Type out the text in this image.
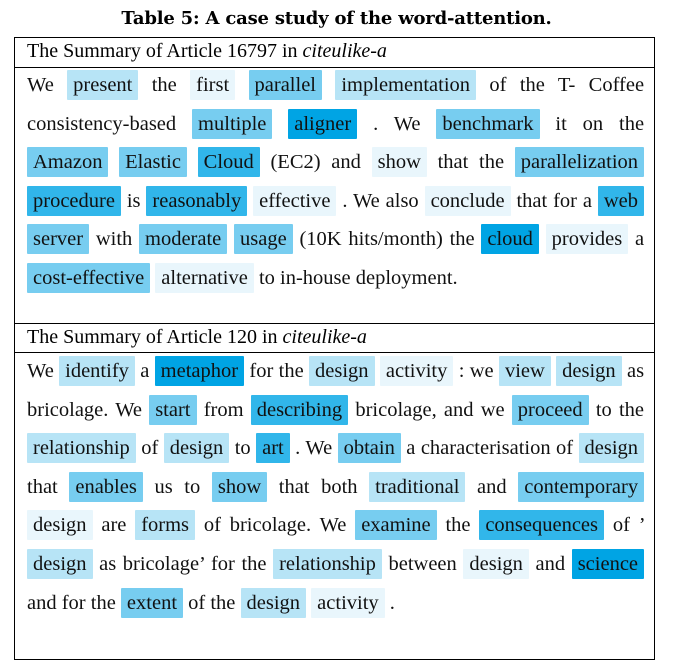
Table 5: A case study of the word-attention.
The Summary of Article 16797 in citeulike-a
We present the first parallel implementation of the T- Coffee consistency-based multiple aligner . We benchmark it on the Amazon Elastic Cloud (EC2) and show that the parallelization procedure is reasonably effective . We also conclude that for a web server with moderate usage (10K hits/month) the cloud provides a cost-effective alternative to in-house deployment.
The Summary of Article 120 in citeulike-a
We identify a metaphor for the design activity : we view design as bricolage. We start from describing bricolage, and we proceed to the relationship of design to art . We obtain a characterisation of design that enables us to show that both traditional and contemporary design are forms of bricolage. We examine the consequences of ’ design as bricolage’ for the relationship between design and science and for the extent of the design activity .
